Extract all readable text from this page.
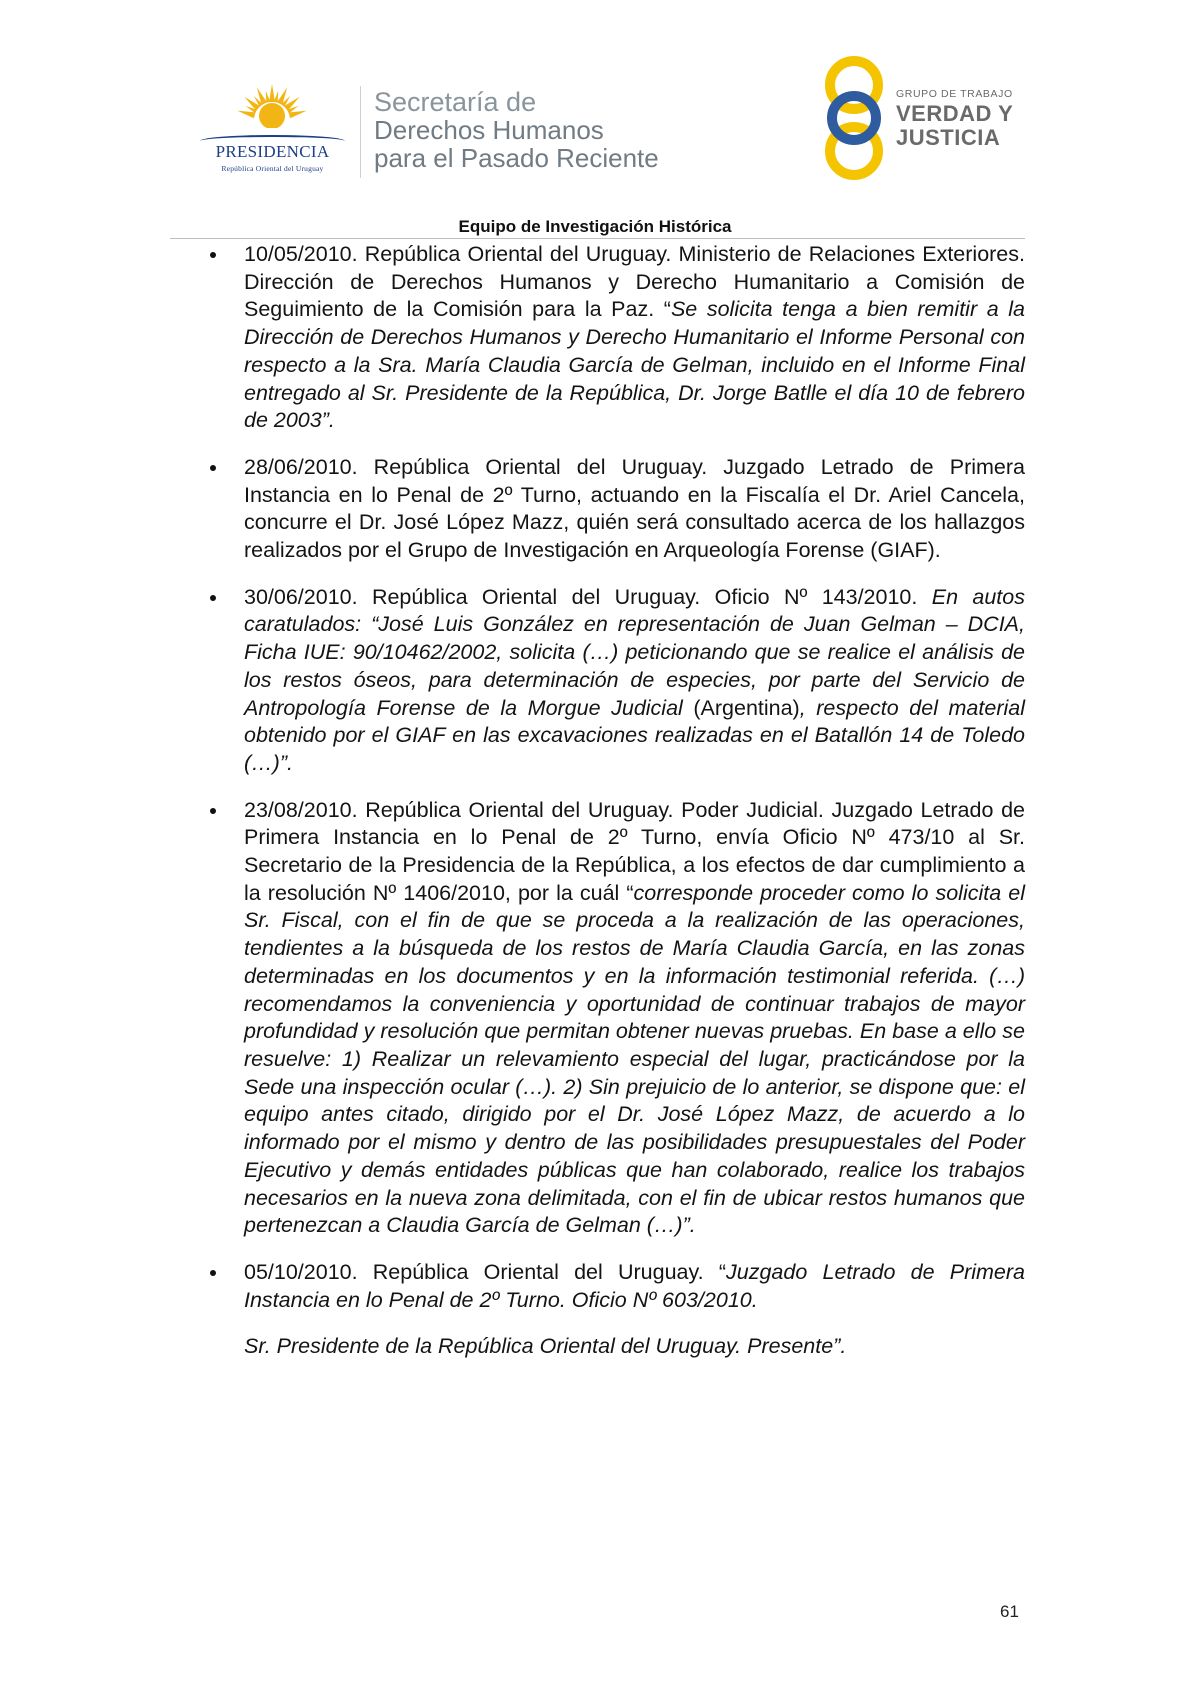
PRESIDENCIA
República Oriental del Uruguay
Secretaría de
Derechos Humanos
para el Pasado Reciente
GRUPO DE TRABAJO
VERDAD Y
JUSTICIA
Equipo de Investigación Histórica

10/05/2010. República Oriental del Uruguay. Ministerio de Relaciones Exteriores. Dirección de Derechos Humanos y Derecho Humanitario a Comisión de Seguimiento de la Comisión para la Paz. “Se solicita tenga a bien remitir a la Dirección de Derechos Humanos y Derecho Humanitario el Informe Personal con respecto a la Sra. María Claudia García de Gelman, incluido en el Informe Final entregado al Sr. Presidente de la República, Dr. Jorge Batlle el día 10 de febrero de 2003”.

28/06/2010. República Oriental del Uruguay. Juzgado Letrado de Primera Instancia en lo Penal de 2º Turno, actuando en la Fiscalía el Dr. Ariel Cancela, concurre el Dr. José López Mazz, quién será consultado acerca de los hallazgos realizados por el Grupo de Investigación en Arqueología Forense (GIAF).

30/06/2010. República Oriental del Uruguay. Oficio Nº 143/2010. En autos caratulados: “José Luis González en representación de Juan Gelman – DCIA, Ficha IUE: 90/10462/2002, solicita (…) peticionando que se realice el análisis de los restos óseos, para determinación de especies, por parte del Servicio de Antropología Forense de la Morgue Judicial (Argentina), respecto del material obtenido por el GIAF en las excavaciones realizadas en el Batallón 14 de Toledo (…)”.

23/08/2010. República Oriental del Uruguay. Poder Judicial. Juzgado Letrado de Primera Instancia en lo Penal de 2º Turno, envía Oficio Nº 473/10 al Sr. Secretario de la Presidencia de la República, a los efectos de dar cumplimiento a la resolución Nº 1406/2010, por la cuál “corresponde proceder como lo solicita el Sr. Fiscal, con el fin de que se proceda a la realización de las operaciones, tendientes a la búsqueda de los restos de María Claudia García, en las zonas determinadas en los documentos y en la información testimonial referida. (…) recomendamos la conveniencia y oportunidad de continuar trabajos de mayor profundidad y resolución que permitan obtener nuevas pruebas. En base a ello se resuelve: 1) Realizar un relevamiento especial del lugar, practicándose por la Sede una inspección ocular (…). 2) Sin prejuicio de lo anterior, se dispone que: el equipo antes citado, dirigido por el Dr. José López Mazz, de acuerdo a lo informado por el mismo y dentro de las posibilidades presupuestales del Poder Ejecutivo y demás entidades públicas que han colaborado, realice los trabajos necesarios en la nueva zona delimitada, con el fin de ubicar restos humanos que pertenezcan a Claudia García de Gelman (…)”.

05/10/2010. República Oriental del Uruguay. “Juzgado Letrado de Primera Instancia en lo Penal de 2º Turno. Oficio Nº 603/2010.

Sr. Presidente de la República Oriental del Uruguay. Presente”.

61
